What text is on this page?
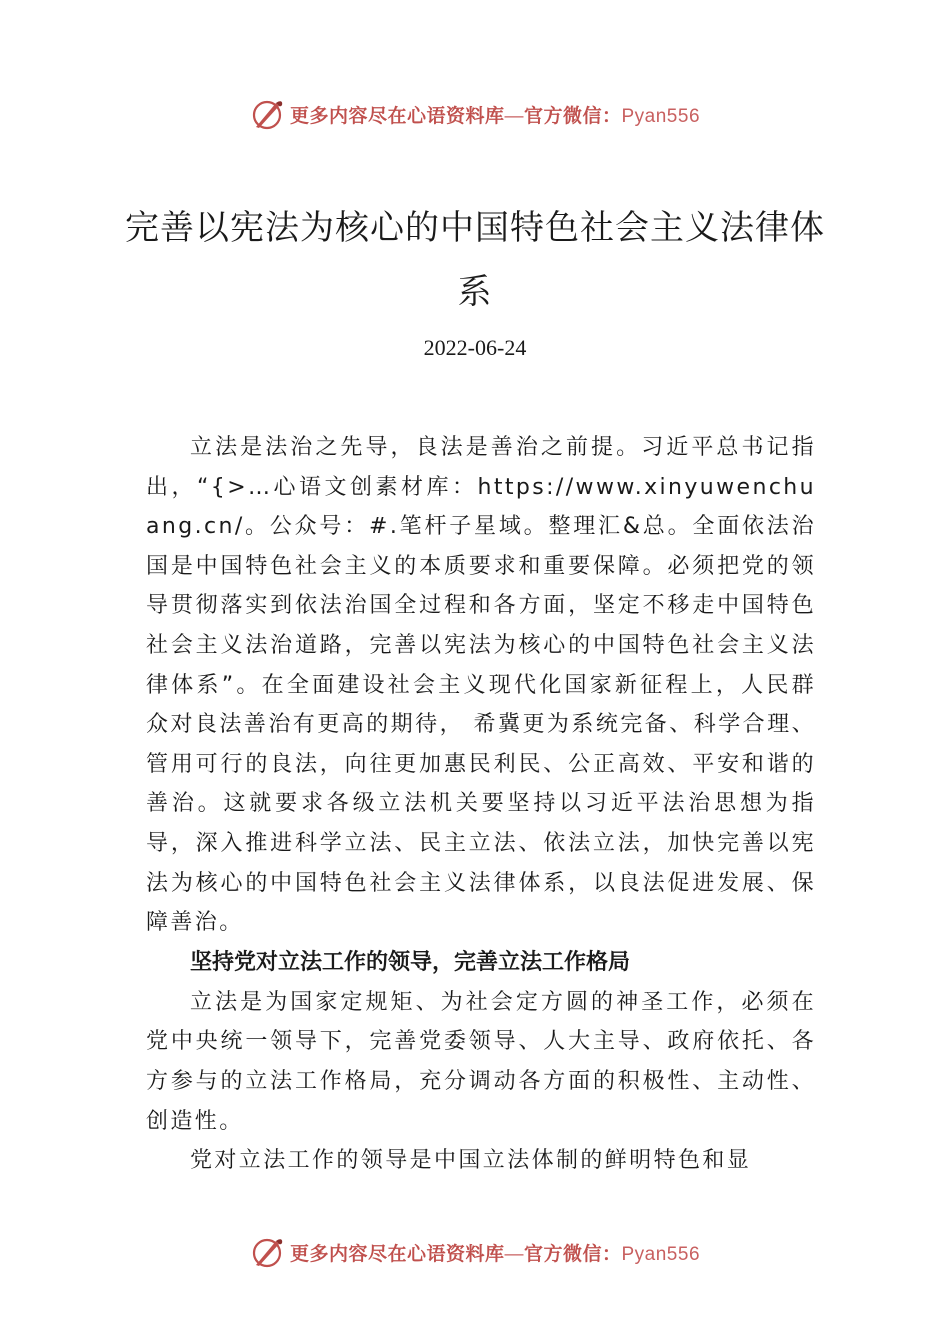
更多内容尽在心语资料库—官方微信：Pyan556
完善以宪法为核心的中国特色社会主义法律体系
2022-06-24

立法是法治之先导，良法是善治之前提。习近平总书记指出，“{>…心语文创素材库：https://www.xinyuwenchuang.cn/。公众号：#.笔杆子星域。整理汇&总。全面依法治国是中国特色社会主义的本质要求和重要保障。必须把党的领导贯彻落实到依法治国全过程和各方面，坚定不移走中国特色社会主义法治道路，完善以宪法为核心的中国特色社会主义法律体系”。在全面建设社会主义现代化国家新征程上，人民群众对良法善治有更高的期待， 希冀更为系统完备、科学合理、管用可行的良法，向往更加惠民利民、公正高效、平安和谐的善治。这就要求各级立法机关要坚持以习近平法治思想为指导，深入推进科学立法、民主立法、依法立法，加快完善以宪法为核心的中国特色社会主义法律体系，以良法促进发展、保障善治。

坚持党对立法工作的领导，完善立法工作格局

立法是为国家定规矩、为社会定方圆的神圣工作，必须在党中央统一领导下，完善党委领导、人大主导、政府依托、各方参与的立法工作格局，充分调动各方面的积极性、主动性、创造性。

党对立法工作的领导是中国立法体制的鲜明特色和显

更多内容尽在心语资料库—官方微信：Pyan556
